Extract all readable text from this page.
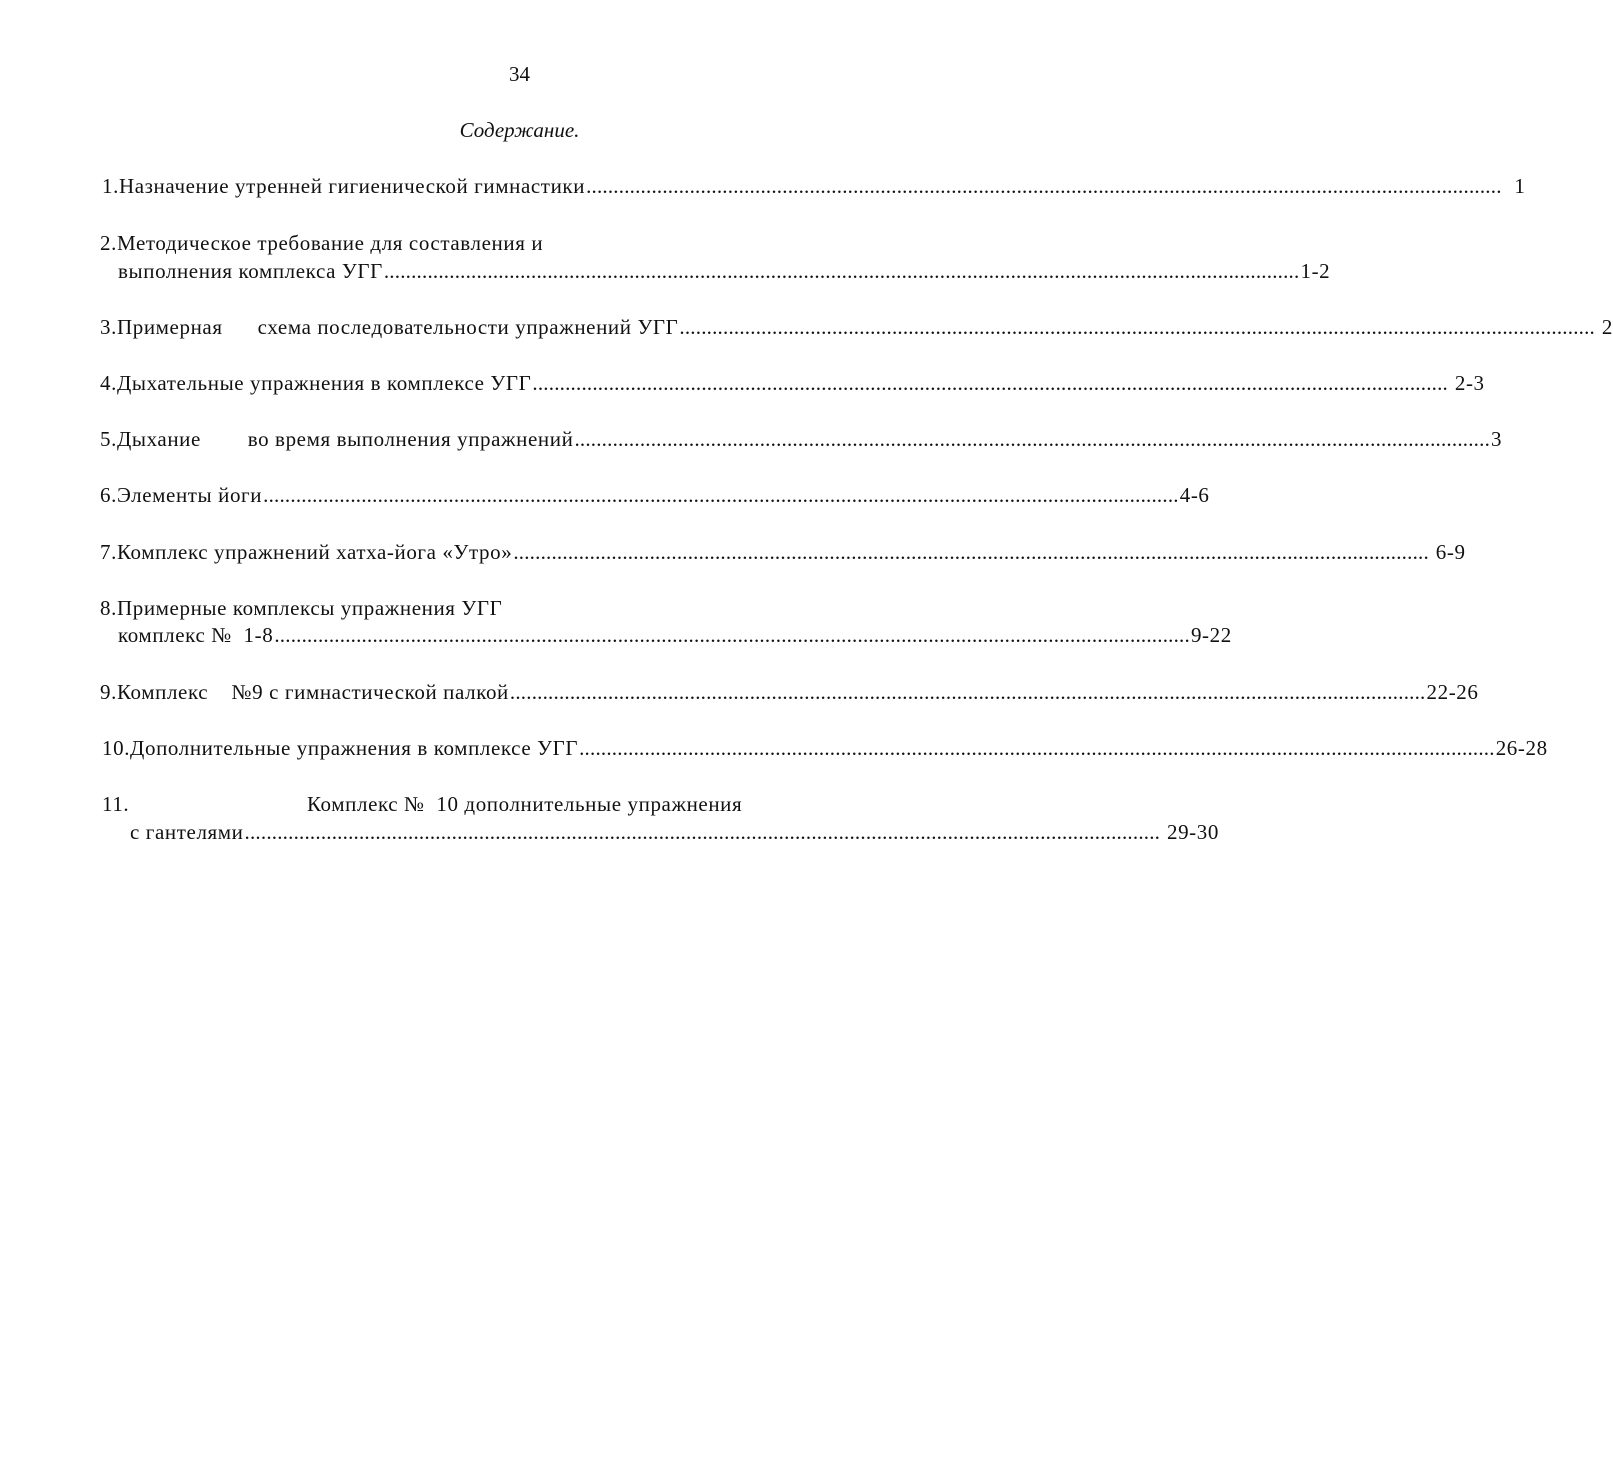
34
Содержание.
1.Назначение утренней гигиенической гимнастики ........................................................................................................................................................................ 1
2.Методическое требование для составления и
выполнения комплекса УГГ ........................................................................................................................................................................ 1-2
3.Примерная      схема последовательности упражнений УГГ ........................................................................................................................................................................ 2
4.Дыхательные упражнения в комплексе УГГ ........................................................................................................................................................................ 2-3
5.Дыхание        во время выполнения упражнений ........................................................................................................................................................................ 3
6.Элементы йоги ........................................................................................................................................................................ 4-6
7.Комплекс упражнений хатха-йога «Утро» ........................................................................................................................................................................ 6-9
8.Примерные комплексы упражнения УГГ
комплекс №  1-8 ........................................................................................................................................................................ 9-22
9.Комплекс    №9 с гимнастической палкой ........................................................................................................................................................................ 22-26
10.Дополнительные упражнения в комплексе УГГ ........................................................................................................................................................................ 26-28
11.	Комплекс №  10 дополнительные упражнения
с гантелями ........................................................................................................................................................................ 29-30
